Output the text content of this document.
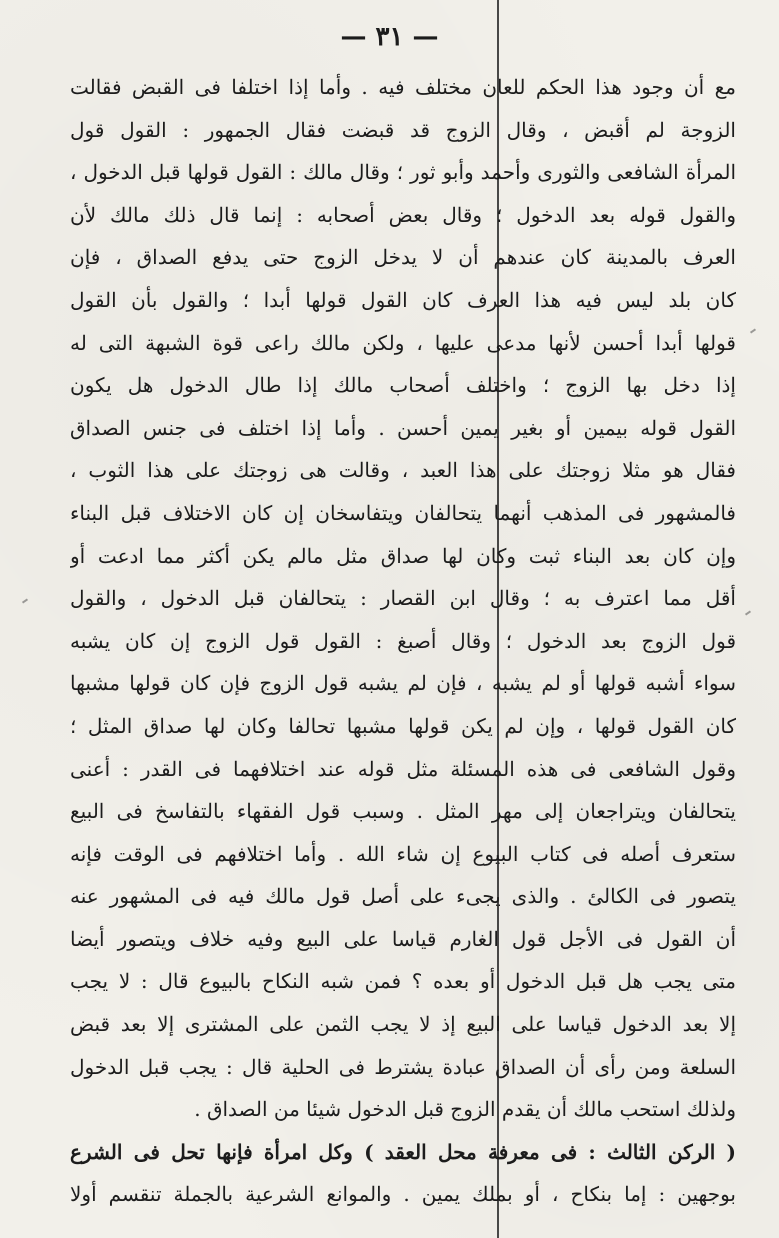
— ٣١ —
مع أن وجود هذا الحكم للعان مختلف فيه . وأما إذا اختلفا فى القبض فقالت
الزوجة لم أقبض ، وقال الزوج قد قبضت فقال الجمهور : القول قول
المرأة الشافعى والثورى وأحمد وأبو ثور ؛ وقال مالك : القول قولها قبل الدخول ،
والقول قوله بعد الدخول ؛ وقال بعض أصحابه : إنما قال ذلك مالك لأن
العرف بالمدينة كان عندهم أن لا يدخل الزوج حتى يدفع الصداق ، فإن
كان بلد ليس فيه هذا العرف كان القول قولها أبدا ؛ والقول بأن القول
قولها أبدا أحسن لأنها مدعى عليها ، ولكن مالك راعى قوة الشبهة التى له
إذا دخل بها الزوج ؛ واختلف أصحاب مالك إذا طال الدخول هل يكون
القول قوله بيمين أو بغير يمين أحسن . وأما إذا اختلف فى جنس الصداق
فقال هو مثلا زوجتك على هذا العبد ، وقالت هى زوجتك على هذا الثوب ،
فالمشهور فى المذهب أنهما يتحالفان ويتفاسخان إن كان الاختلاف قبل البناء
وإن كان بعد البناء ثبت وكان لها صداق مثل مالم يكن أكثر مما ادعت أو
أقل مما اعترف به ؛ وقال ابن القصار : يتحالفان قبل الدخول ، والقول
قول الزوج بعد الدخول ؛ وقال أصبغ : القول قول الزوج إن كان يشبه
سواء أشبه قولها أو لم يشبه ، فإن لم يشبه قول الزوج فإن كان قولها مشبها
كان القول قولها ، وإن لم يكن قولها مشبها تحالفا وكان لها صداق المثل ؛
وقول الشافعى فى هذه المسئلة مثل قوله عند اختلافهما فى القدر : أعنى
يتحالفان ويتراجعان إلى مهر المثل . وسبب قول الفقهاء بالتفاسخ فى البيع
ستعرف أصله فى كتاب البيوع إن شاء الله . وأما اختلافهم فى الوقت فإنه
يتصور فى الكالئ . والذى يجىء على أصل قول مالك فيه فى المشهور عنه
أن القول فى الأجل قول الغارم قياسا على البيع وفيه خلاف ويتصور أيضا
متى يجب هل قبل الدخول أو بعده ؟ فمن شبه النكاح بالبيوع قال : لا يجب
إلا بعد الدخول قياسا على البيع إذ لا يجب الثمن على المشترى إلا بعد قبض
السلعة ومن رأى أن الصداق عبادة يشترط فى الحلية قال : يجب قبل الدخول
ولذلك استحب مالك أن يقدم الزوج قبل الدخول شيئا من الصداق .
( الركن الثالث : فى معرفة محل العقد ) وكل امرأة فإنها تحل فى الشرع
بوجهين : إما بنكاح ، أو بملك يمين . والموانع الشرعية بالجملة تنقسم أولا
